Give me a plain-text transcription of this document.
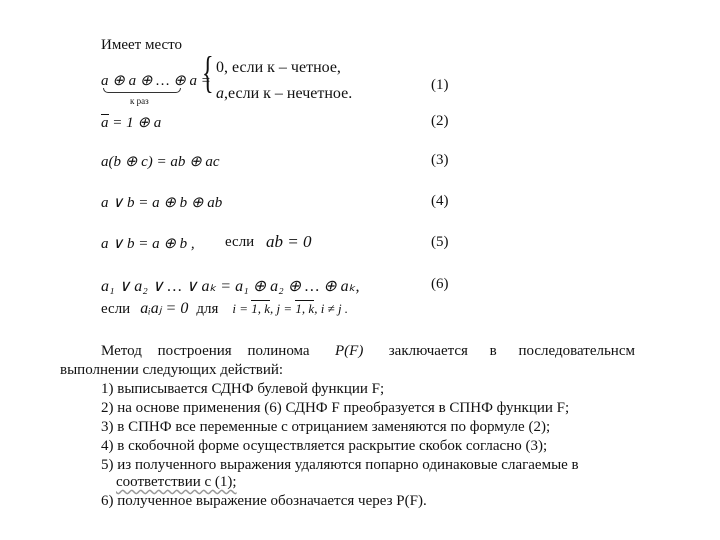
Имеет место
a ⊕ a ⊕ … ⊕ a =
к раз
{ 0, если к – четное,
a,если к – нечетное.	(1)
a = 1 ⊕ a	(2)
a(b ⊕ c) = ab ⊕ ac	(3)
a ∨ b = a ⊕ b ⊕ ab	(4)
a ∨ b = a ⊕ b , если ab = 0	(5)
a₁ ∨ a₂ ∨ … ∨ aₖ = a₁ ⊕ a₂ ⊕ … ⊕ aₖ,	(6)
если aᵢaⱼ = 0 для i = 1, k, j = 1, k, i ≠ j .
Метод построения полинома P(F) заключается в последовательнсм
выполнении следующих действий:
1) выписывается СДНФ булевой функции F;
2) на основе применения (6) СДНФ F преобразуется в СПНФ функции F;
3) в СПНФ все переменные с отрицанием заменяются по формуле (2);
4) в скобочной форме осуществляется раскрытие скобок согласно (3);
5) из полученного выражения удаляются попарно одинаковые слагаемые в
соответствии с (1);
6) полученное выражение обозначается через P(F).
